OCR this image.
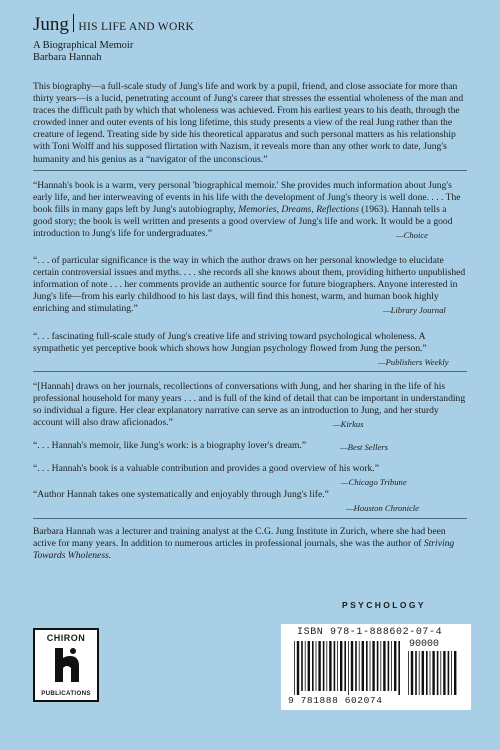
Jung HIS LIFE AND WORK
A Biographical Memoir
Barbara Hannah
This biography—a full-scale study of Jung's life and work by a pupil, friend, and close associate for more than thirty years—is a lucid, penetrating account of Jung's career that stresses the essential wholeness of the man and traces the difficult path by which that wholeness was achieved. From his earliest years to his death, through the crowded inner and outer events of his long lifetime, this study presents a view of the real Jung rather than the creature of legend. Treating side by side his theoretical apparatus and such personal matters as his relationship with Toni Wolff and his supposed flirtation with Nazism, it reveals more than any other work to date, Jung's humanity and his genius as a “navigator of the unconscious.”
“Hannah's book is a warm, very personal 'biographical memoir.' She provides much information about Jung's early life, and her interweaving of events in his life with the development of Jung's theory is well done. . . . The book fills in many gaps left by Jung's autobiography, Memories, Dreams, Reflections (1963). Hannah tells a good story; the book is well written and presents a good overview of Jung's life and work. It would be a good introduction to Jung's life for undergraduates.”	—Choice
“. . . of particular significance is the way in which the author draws on her personal knowledge to elucidate certain controversial issues and myths. . . . she records all she knows about them, providing hitherto unpublished information of note . . . her comments provide an authentic source for future biographers. Anyone interested in Jung's life—from his early childhood to his last days, will find this honest, warm, and human book highly enriching and stimulating.”	—Library Journal
“. . . fascinating full-scale study of Jung's creative life and striving toward psychological wholeness. A sympathetic yet perceptive book which shows how Jungian psychology flowed from Jung the person.”
—Publishers Weekly
“[Hannah] draws on her journals, recollections of conversations with Jung, and her sharing in the life of his professional household for many years . . . and is full of the kind of detail that can be important in understanding so individual a figure. Her clear explanatory narrative can serve as an introduction to Jung, and her sturdy account will also draw aficionados.”	—Kirkus
“. . . Hannah's memoir, like Jung's work: is a biography lover's dream.”	—Best Sellers
“. . . Hannah's book is a valuable contribution and provides a good overview of his work.”
—Chicago Tribune
“Author Hannah takes one systematically and enjoyably through Jung's life.”
—Houston Chronicle
Barbara Hannah was a lecturer and training analyst at the C.G. Jung Institute in Zurich, where she had been active for many years. In addition to numerous articles in professional journals, she was the author of Striving Towards Wholeness.
PSYCHOLOGY
CHIRON
PUBLICATIONS
ISBN 978-1-888602-07-4
90000
9 781888 602074
